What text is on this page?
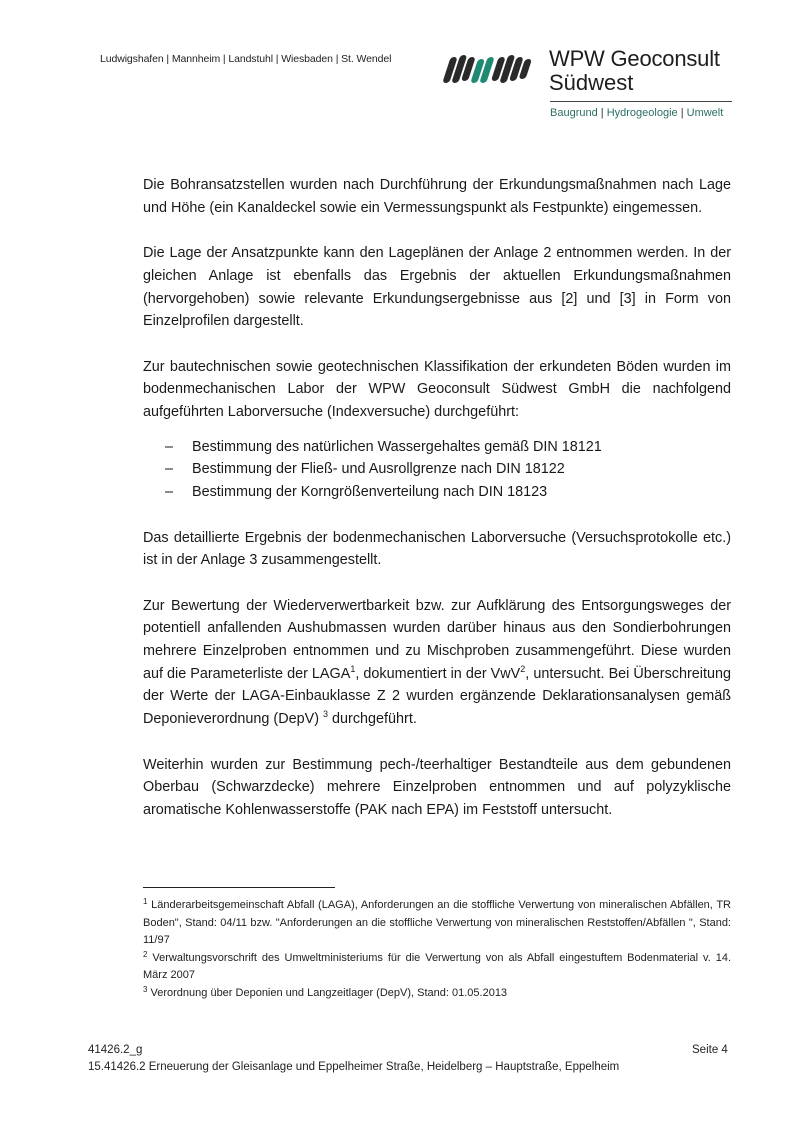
Ludwigshafen | Mannheim | Landstuhl | Wiesbaden | St. Wendel	WPW Geoconsult
Südwest
Baugrund | Hydrogeologie | Umwelt

Die Bohransatzstellen wurden nach Durchführung der Erkundungsmaßnahmen nach Lage und Höhe (ein Kanaldeckel sowie ein Vermessungspunkt als Festpunkte) eingemessen.

Die Lage der Ansatzpunkte kann den Lageplänen der Anlage 2 entnommen werden. In der gleichen Anlage ist ebenfalls das Ergebnis der aktuellen Erkundungsmaßnahmen (hervorgehoben) sowie relevante Erkundungsergebnisse aus [2] und [3] in Form von Einzelprofilen dargestellt.

Zur bautechnischen sowie geotechnischen Klassifikation der erkundeten Böden wurden im bodenmechanischen Labor der WPW Geoconsult Südwest GmbH die nachfolgend aufgeführten Laborversuche (Indexversuche) durchgeführt:

– Bestimmung des natürlichen Wassergehaltes gemäß DIN 18121
– Bestimmung der Fließ- und Ausrollgrenze nach DIN 18122
– Bestimmung der Korngrößenverteilung nach DIN 18123

Das detaillierte Ergebnis der bodenmechanischen Laborversuche (Versuchsprotokolle etc.) ist in der Anlage 3 zusammengestellt.

Zur Bewertung der Wiederverwertbarkeit bzw. zur Aufklärung des Entsorgungsweges der potentiell anfallenden Aushubmassen wurden darüber hinaus aus den Sondierbohrungen mehrere Einzelproben entnommen und zu Mischproben zusammengeführt. Diese wurden auf die Parameterliste der LAGA$^1$, dokumentiert in der VwV$^2$, untersucht. Bei Überschreitung der Werte der LAGA-Einbauklasse Z 2 wurden ergänzende Deklarationsanalysen gemäß Deponieverordnung (DepV) $^3$ durchgeführt.

Weiterhin wurden zur Bestimmung pech-/teerhaltiger Bestandteile aus dem gebundenen Oberbau (Schwarzdecke) mehrere Einzelproben entnommen und auf polyzyklische aromatische Kohlenwasserstoffe (PAK nach EPA) im Feststoff untersucht.

$^1$ Länderarbeitsgemeinschaft Abfall (LAGA), Anforderungen an die stoffliche Verwertung von mineralischen Abfällen, TR Boden", Stand: 04/11 bzw. "Anforderungen an die stoffliche Verwertung von mineralischen Reststoffen/Abfällen ", Stand: 11/97

$^2$ Verwaltungsvorschrift des Umweltministeriums für die Verwertung von als Abfall eingestuftem Bodenmaterial v. 14. März 2007

$^3$ Verordnung über Deponien und Langzeitlager (DepV), Stand: 01.05.2013

41426.2_g	Seite 4
15.41426.2 Erneuerung der Gleisanlage und Eppelheimer Straße, Heidelberg – Hauptstraße, Eppelheim
